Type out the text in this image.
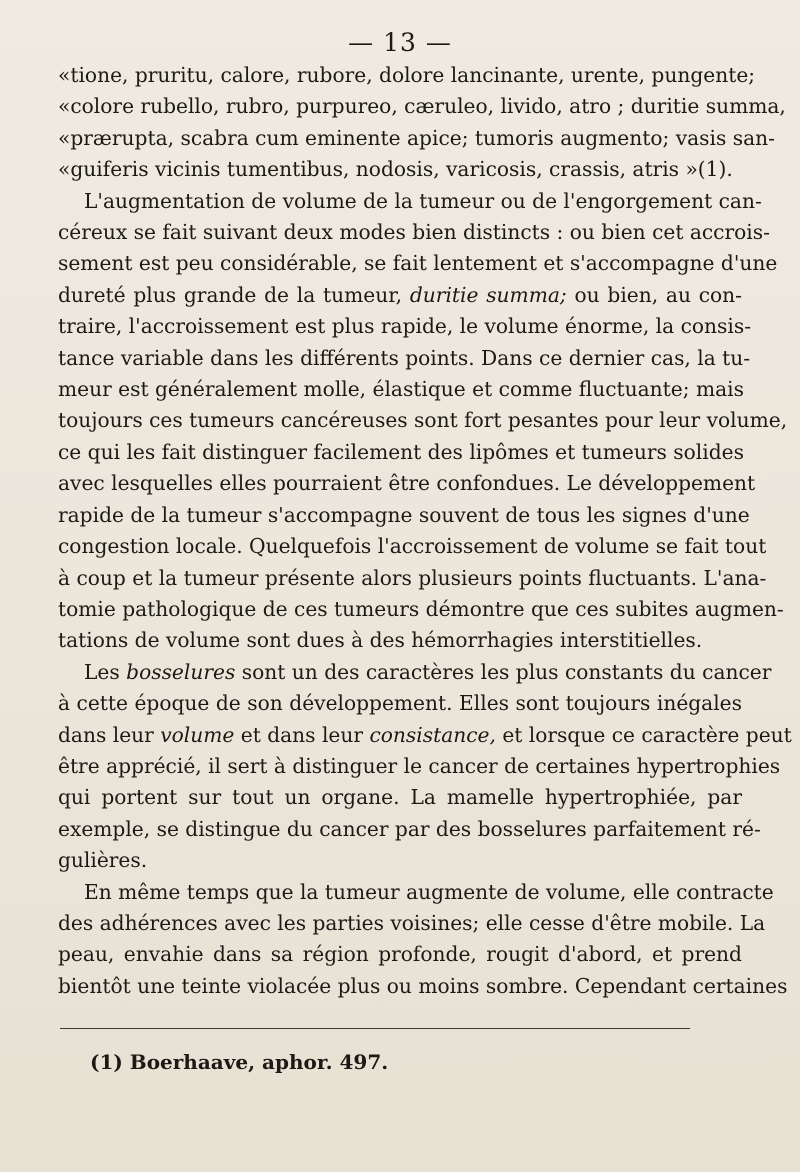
— 13 —
«tione, pruritu, calore, rubore, dolore lancinante, urente, pungente;
«colore rubello, rubro, purpureo, cæruleo, livido, atro ; duritie summa,
«prærupta, scabra cum eminente apice; tumoris augmento; vasis san-
«guiferis vicinis tumentibus, nodosis, varicosis, crassis, atris »(1).
L'augmentation de volume de la tumeur ou de l'engorgement can-
céreux se fait suivant deux modes bien distincts : ou bien cet accrois-
sement est peu considérable, se fait lentement et s'accompagne d'une
dureté plus grande de la tumeur, duritie summa; ou bien, au con-
traire, l'accroissement est plus rapide, le volume énorme, la consis-
tance variable dans les différents points. Dans ce dernier cas, la tu-
meur est généralement molle, élastique et comme fluctuante; mais
toujours ces tumeurs cancéreuses sont fort pesantes pour leur volume,
ce qui les fait distinguer facilement des lipômes et tumeurs solides
avec lesquelles elles pourraient être confondues. Le développement
rapide de la tumeur s'accompagne souvent de tous les signes d'une
congestion locale. Quelquefois l'accroissement de volume se fait tout
à coup et la tumeur présente alors plusieurs points fluctuants. L'ana-
tomie pathologique de ces tumeurs démontre que ces subites augmen-
tations de volume sont dues à des hémorrhagies interstitielles.
Les bosselures sont un des caractères les plus constants du cancer
à cette époque de son développement. Elles sont toujours inégales
dans leur volume et dans leur consistance, et lorsque ce caractère peut
être apprécié, il sert à distinguer le cancer de certaines hypertrophies
qui portent sur tout un organe. La mamelle hypertrophiée, par
exemple, se distingue du cancer par des bosselures parfaitement ré-
gulières.
En même temps que la tumeur augmente de volume, elle contracte
des adhérences avec les parties voisines; elle cesse d'être mobile. La
peau, envahie dans sa région profonde, rougit d'abord, et prend
bientôt une teinte violacée plus ou moins sombre. Cependant certaines
(1) Boerhaave, aphor. 497.
